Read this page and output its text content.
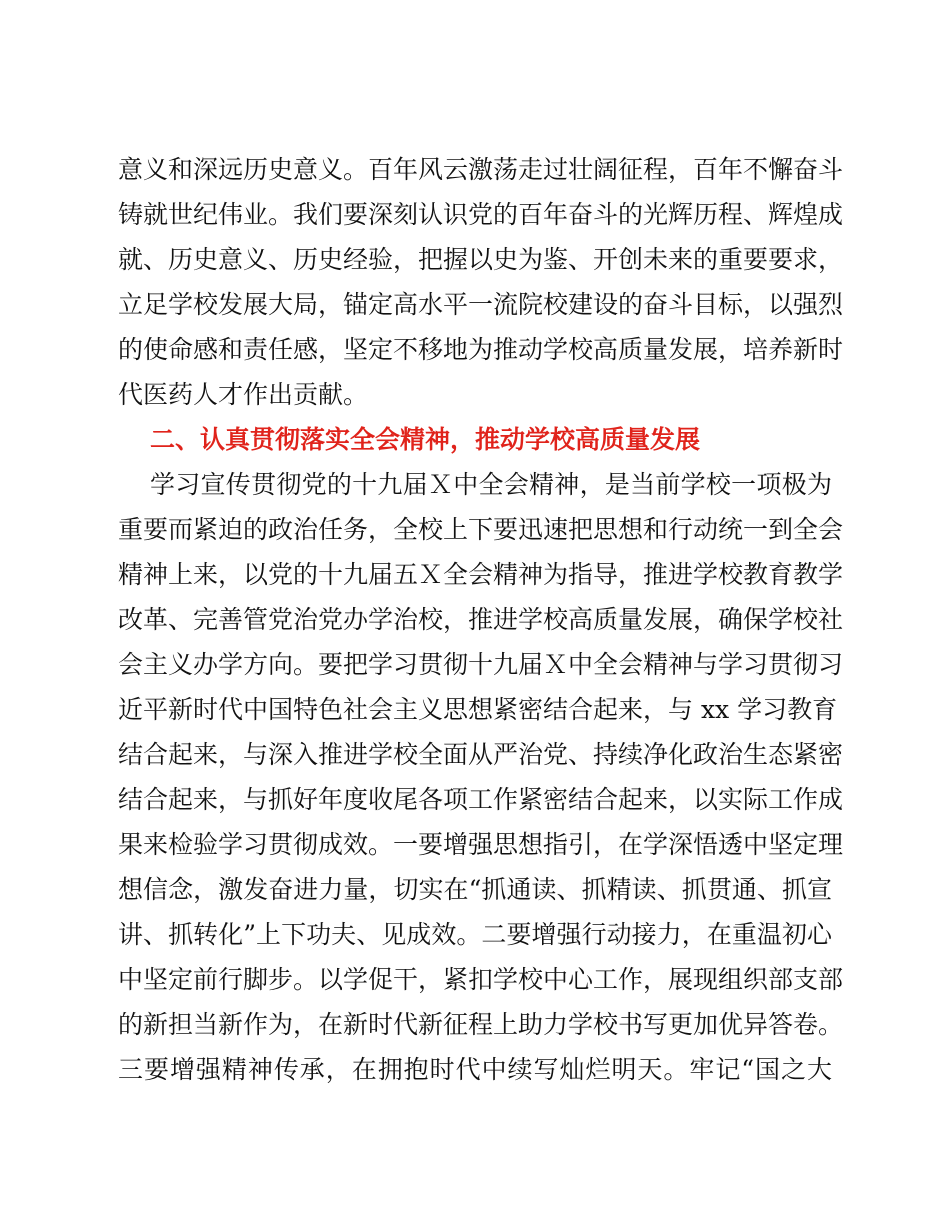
意义和深远历史意义。百年风云激荡走过壮阔征程，百年不懈奋斗
铸就世纪伟业。我们要深刻认识党的百年奋斗的光辉历程、辉煌成
就、历史意义、历史经验，把握以史为鉴、开创未来的重要要求，
立足学校发展大局，锚定高水平一流院校建设的奋斗目标，以强烈
的使命感和责任感，坚定不移地为推动学校高质量发展，培养新时
代医药人才作出贡献。
二、认真贯彻落实全会精神，推动学校高质量发展
学习宣传贯彻党的十九届Ｘ中全会精神，是当前学校一项极为
重要而紧迫的政治任务，全校上下要迅速把思想和行动统一到全会
精神上来，以党的十九届五Ｘ全会精神为指导，推进学校教育教学
改革、完善管党治党办学治校，推进学校高质量发展，确保学校社
会主义办学方向。要把学习贯彻十九届Ｘ中全会精神与学习贯彻习
近平新时代中国特色社会主义思想紧密结合起来，与 xx 学习教育
结合起来，与深入推进学校全面从严治党、持续净化政治生态紧密
结合起来，与抓好年度收尾各项工作紧密结合起来，以实际工作成
果来检验学习贯彻成效。一要增强思想指引，在学深悟透中坚定理
想信念，激发奋进力量，切实在“抓通读、抓精读、抓贯通、抓宣
讲、抓转化”上下功夫、见成效。二要增强行动接力，在重温初心
中坚定前行脚步。以学促干，紧扣学校中心工作，展现组织部支部
的新担当新作为，在新时代新征程上助力学校书写更加优异答卷。
三要增强精神传承，在拥抱时代中续写灿烂明天。牢记“国之大
